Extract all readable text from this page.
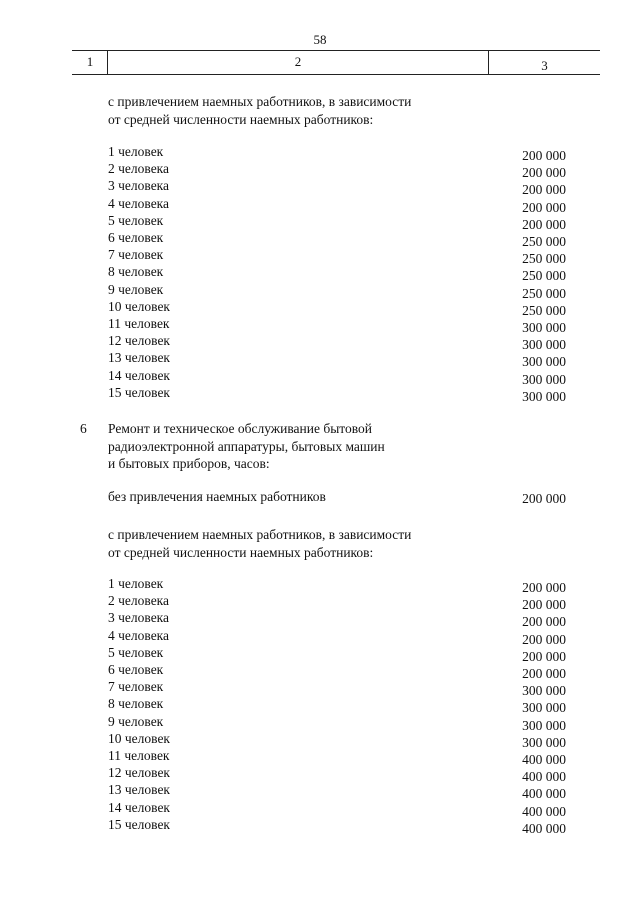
58
1	2	3
с привлечением наемных работников, в зависимости
от средней численности наемных работников:
1 человек	200 000
2 человека	200 000
3 человека	200 000
4 человека	200 000
5 человек	200 000
6 человек	250 000
7 человек	250 000
8 человек	250 000
9 человек	250 000
10 человек	250 000
11 человек	300 000
12 человек	300 000
13 человек	300 000
14 человек	300 000
15 человек	300 000
6 Ремонт и техническое обслуживание бытовой
радиоэлектронной аппаратуры, бытовых машин
и бытовых приборов, часов:
без привлечения наемных работников	200 000
с привлечением наемных работников, в зависимости
от средней численности наемных работников:
1 человек	200 000
2 человека	200 000
3 человека	200 000
4 человека	200 000
5 человек	200 000
6 человек	200 000
7 человек	300 000
8 человек	300 000
9 человек	300 000
10 человек	300 000
11 человек	400 000
12 человек	400 000
13 человек	400 000
14 человек	400 000
15 человек	400 000
